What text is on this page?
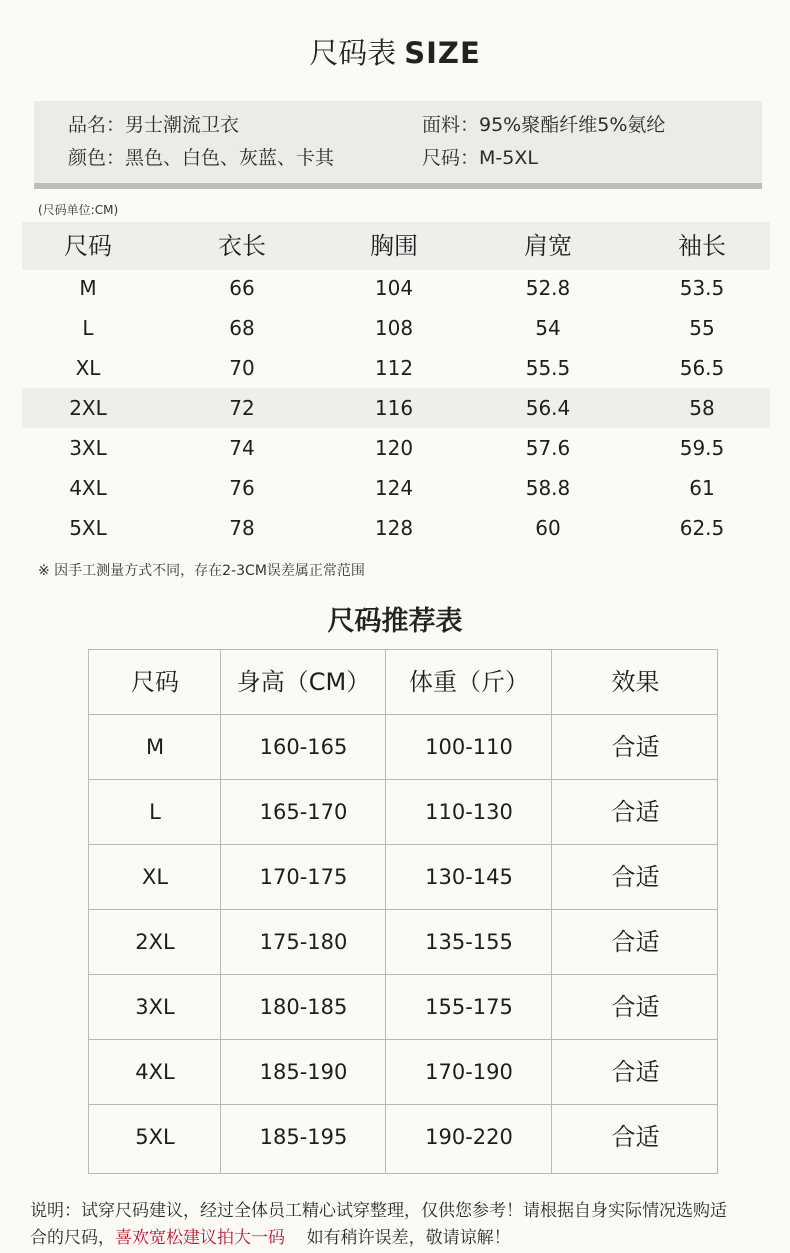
尺码表 SIZE
品名：男士潮流卫衣	面料：95%聚酯纤维5%氨纶
颜色：黑色、白色、灰蓝、卡其	尺码：M-5XL
(尺码单位:CM)
尺码	衣长	胸围	肩宽	袖长
M	66	104	52.8	53.5
L	68	108	54	55
XL	70	112	55.5	56.5
2XL	72	116	56.4	58
3XL	74	120	57.6	59.5
4XL	76	124	58.8	61
5XL	78	128	60	62.5
※ 因手工测量方式不同，存在2-3CM误差属正常范围
尺码推荐表
尺码	身高（CM）	体重（斤）	效果
M	160-165	100-110	合适
L	165-170	110-130	合适
XL	170-175	130-145	合适
2XL	175-180	135-155	合适
3XL	180-185	155-175	合适
4XL	185-190	170-190	合适
5XL	185-195	190-220	合适
说明：试穿尺码建议，经过全体员工精心试穿整理，仅供您参考！请根据自身实际情况选购适
合的尺码，喜欢宽松建议拍大一码    如有稍许误差，敬请谅解！
